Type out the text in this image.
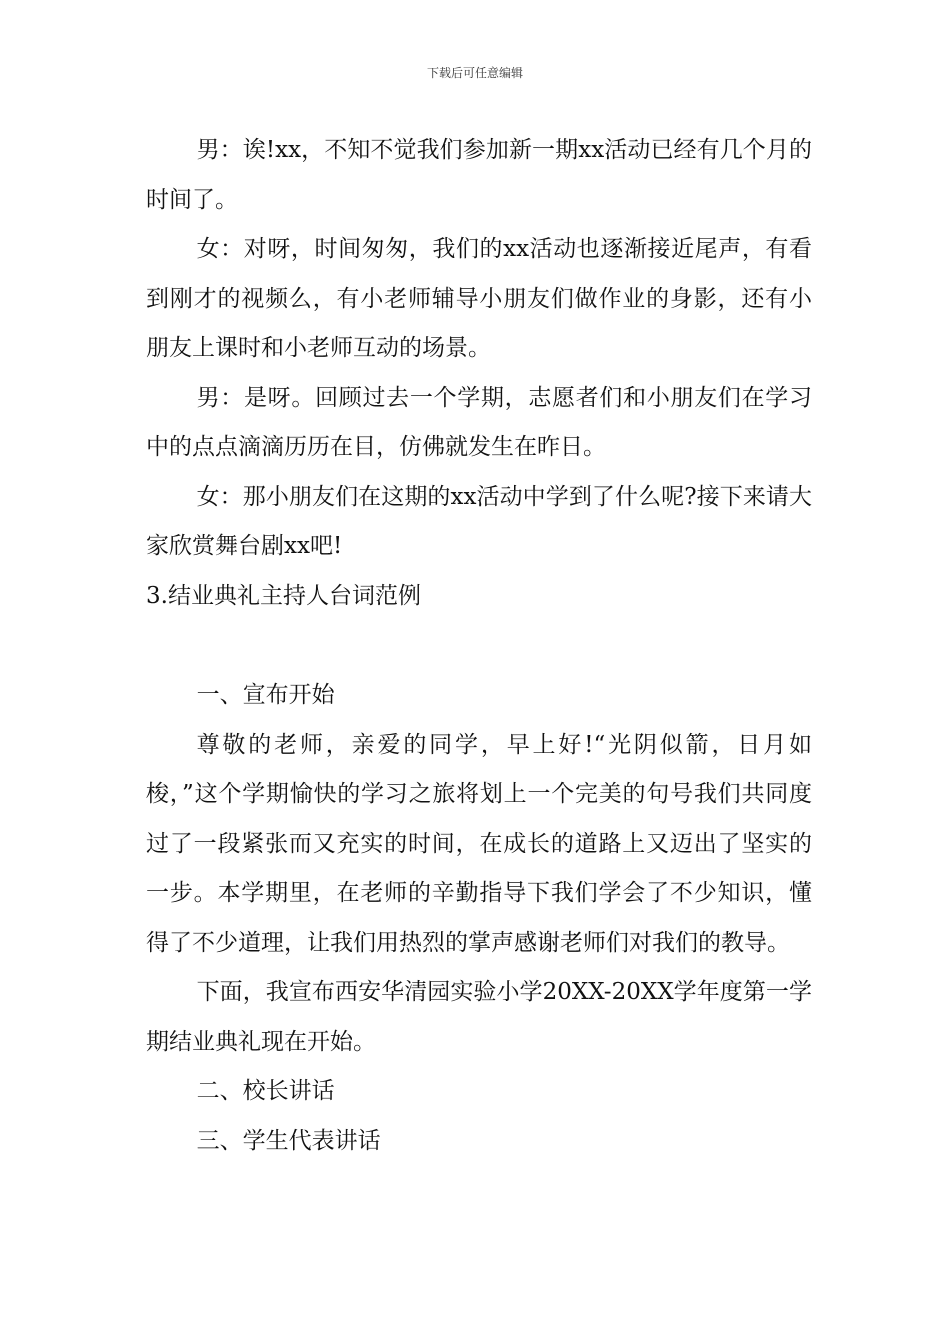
下载后可任意编辑

男：诶!xx，不知不觉我们参加新一期xx活动已经有几个月的时间了。

女：对呀，时间匆匆，我们的xx活动也逐渐接近尾声，有看到刚才的视频么，有小老师辅导小朋友们做作业的身影，还有小朋友上课时和小老师互动的场景。

男：是呀。回顾过去一个学期，志愿者们和小朋友们在学习中的点点滴滴历历在目，仿佛就发生在昨日。

女：那小朋友们在这期的xx活动中学到了什么呢?接下来请大家欣赏舞台剧xx吧!

3.结业典礼主持人台词范例

一、宣布开始

尊敬的老师，亲爱的同学，早上好!“光阴似箭，日月如梭，”这个学期愉快的学习之旅将划上一个完美的句号我们共同度过了一段紧张而又充实的时间，在成长的道路上又迈出了坚实的一步。本学期里，在老师的辛勤指导下我们学会了不少知识，懂得了不少道理，让我们用热烈的掌声感谢老师们对我们的教导。

下面，我宣布西安华清园实验小学20XX-20XX学年度第一学期结业典礼现在开始。

二、校长讲话

三、学生代表讲话
